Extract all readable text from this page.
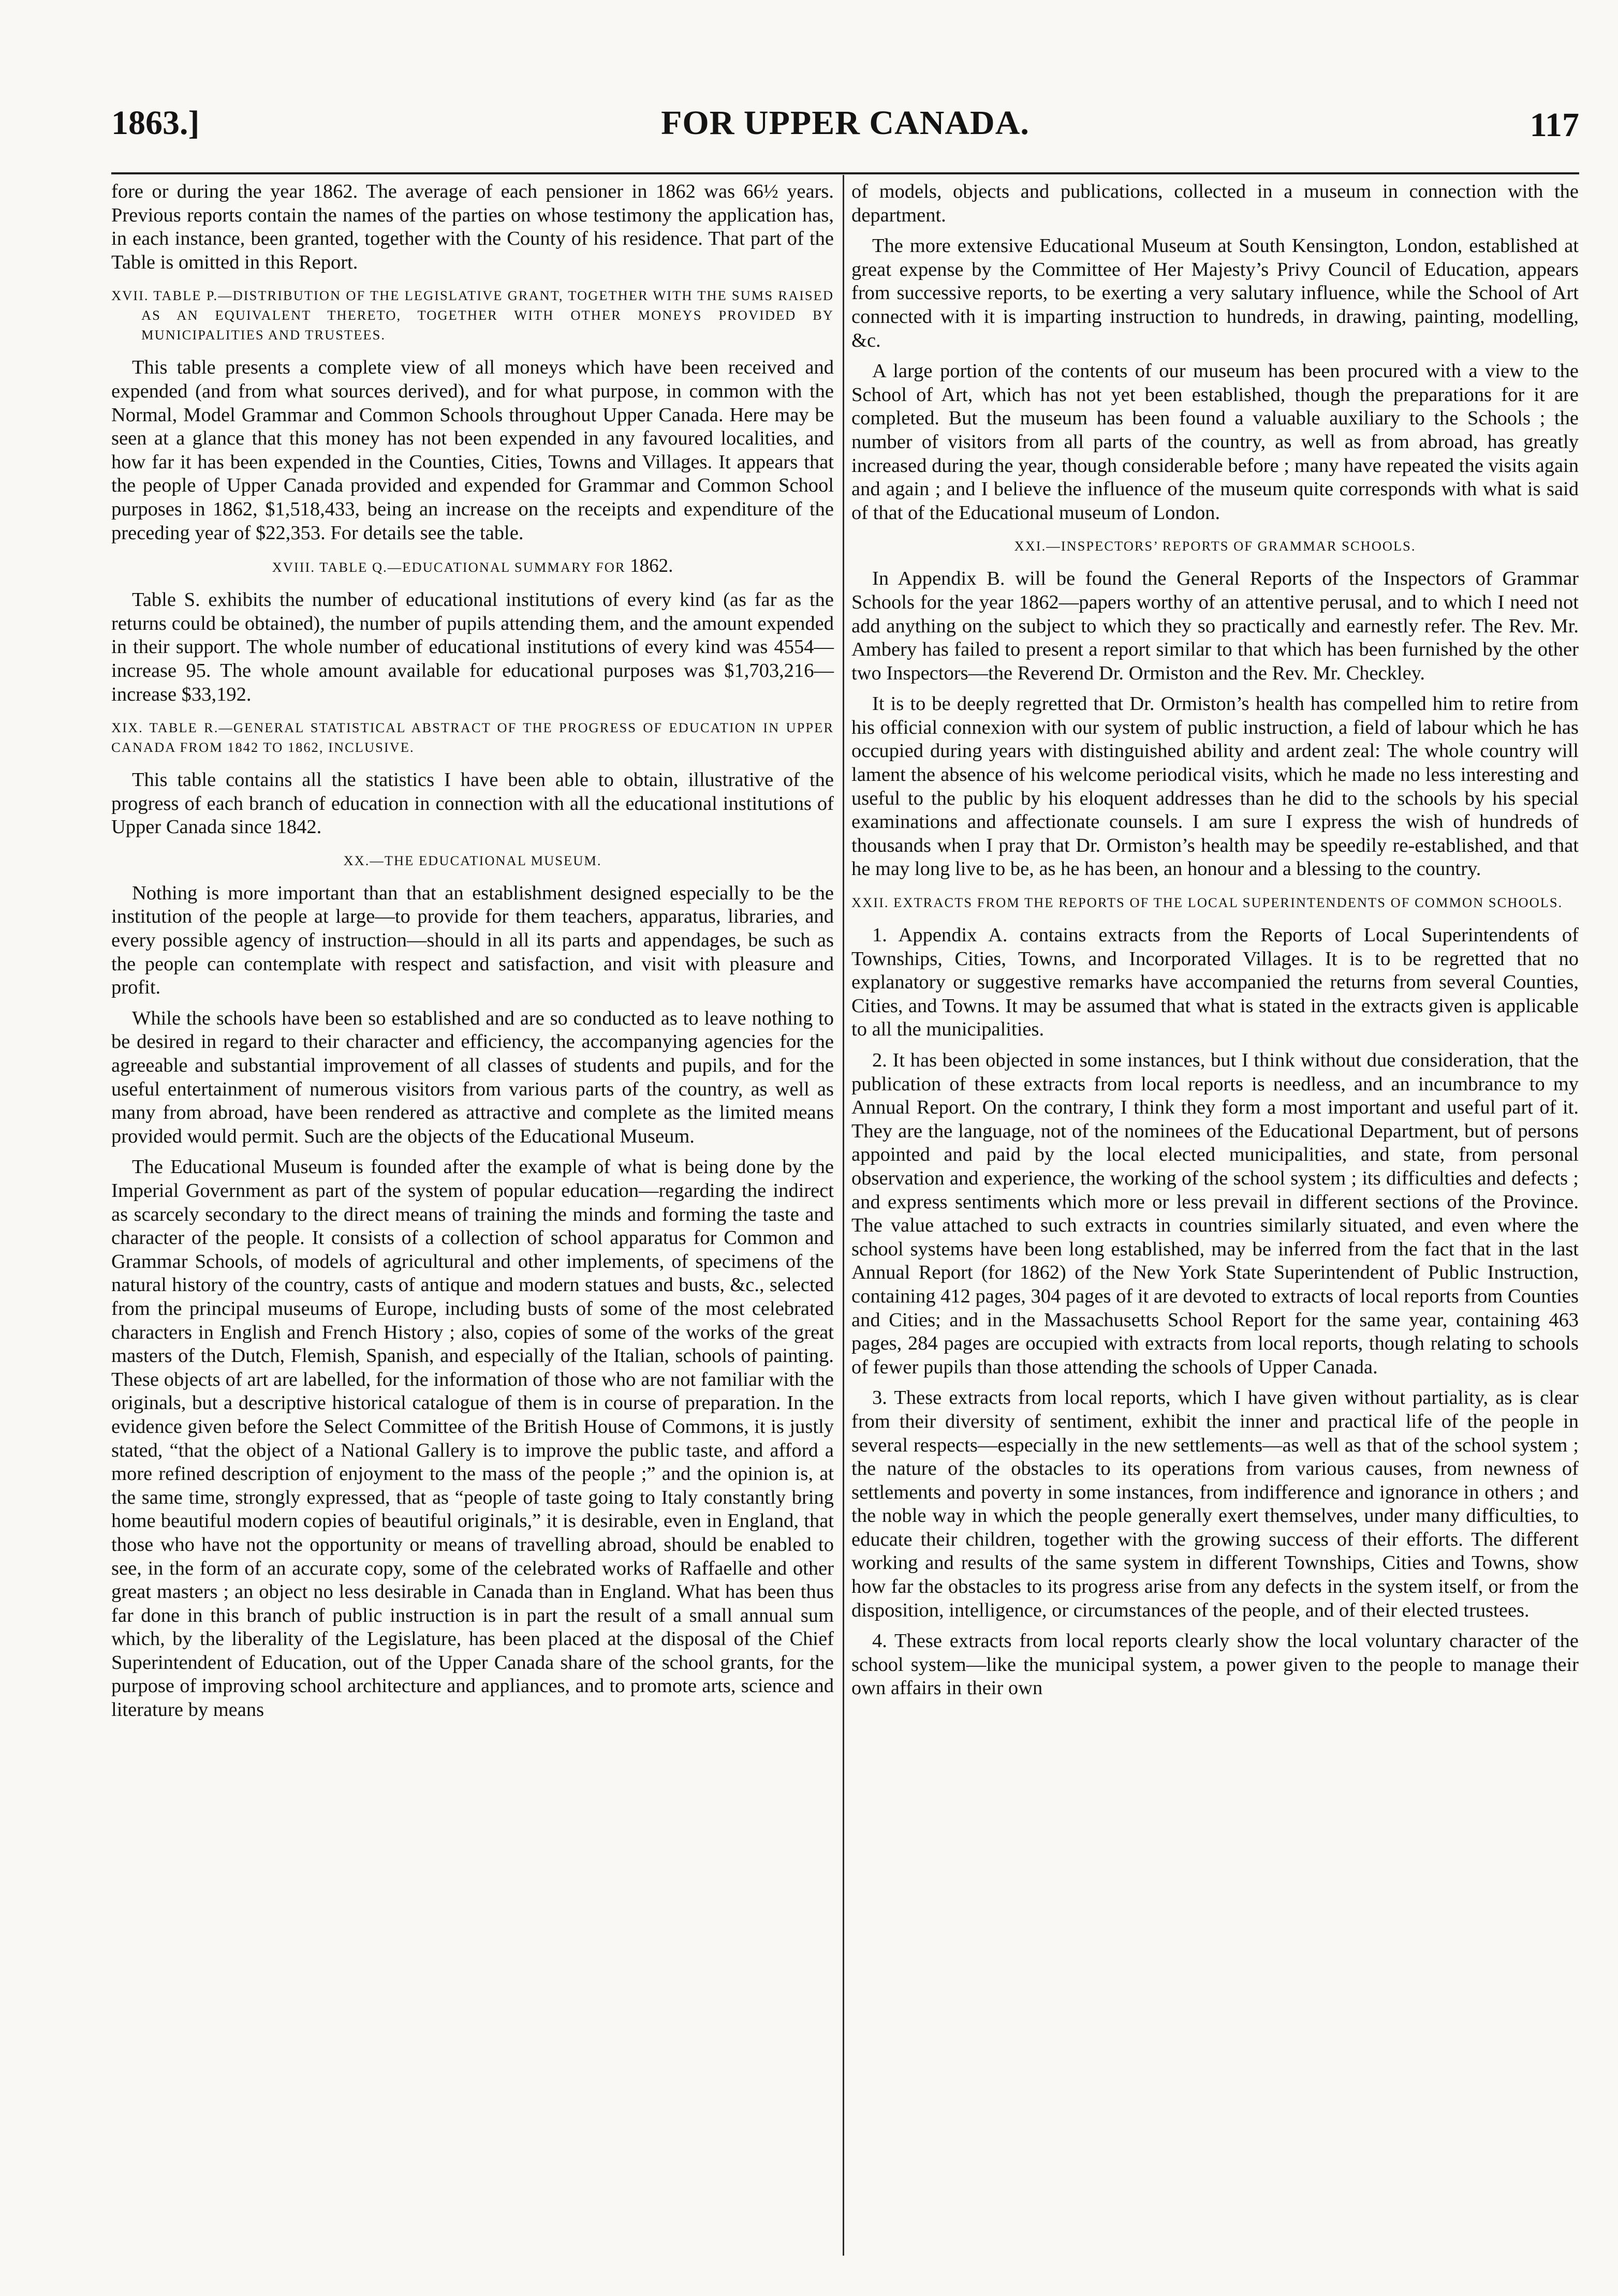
1863.]	FOR UPPER CANADA.	117

fore or during the year 1862. The average of each pensioner in 1862 was 66½ years. Previous reports contain the names of the parties on whose testimony the application has, in each instance, been granted, together with the County of his residence. That part of the Table is omitted in this Report.

XVII. TABLE P.—DISTRIBUTION OF THE LEGISLATIVE GRANT, TOGETHER WITH THE SUMS RAISED AS AN EQUIVALENT THERETO, TOGETHER WITH OTHER MONEYS PROVIDED BY MUNICIPALITIES AND TRUSTEES.

This table presents a complete view of all moneys which have been received and expended (and from what sources derived), and for what purpose, in common with the Normal, Model Grammar and Common Schools throughout Upper Canada. Here may be seen at a glance that this money has not been expended in any favoured localities, and how far it has been expended in the Counties, Cities, Towns and Villages. It appears that the people of Upper Canada provided and expended for Grammar and Common School purposes in 1862, $1,518,433, being an increase on the receipts and expenditure of the preceding year of $22,353. For details see the table.

XVIII. TABLE Q.—EDUCATIONAL SUMMARY FOR 1862.

Table S. exhibits the number of educational institutions of every kind (as far as the returns could be obtained), the number of pupils attending them, and the amount expended in their support. The whole number of educational institutions of every kind was 4554—increase 95. The whole amount available for educational purposes was $1,703,216—increase $33,192.

XIX. TABLE R.—GENERAL STATISTICAL ABSTRACT OF THE PROGRESS OF EDUCATION IN UPPER CANADA FROM 1842 TO 1862, INCLUSIVE.

This table contains all the statistics I have been able to obtain, illustrative of the progress of each branch of education in connection with all the educational institutions of Upper Canada since 1842.

XX.—THE EDUCATIONAL MUSEUM.

Nothing is more important than that an establishment designed especially to be the institution of the people at large—to provide for them teachers, apparatus, libraries, and every possible agency of instruction—should in all its parts and appendages, be such as the people can contemplate with respect and satisfaction, and visit with pleasure and profit.

While the schools have been so established and are so conducted as to leave nothing to be desired in regard to their character and efficiency, the accompanying agencies for the agreeable and substantial improvement of all classes of students and pupils, and for the useful entertainment of numerous visitors from various parts of the country, as well as many from abroad, have been rendered as attractive and complete as the limited means provided would permit. Such are the objects of the Educational Museum.

The Educational Museum is founded after the example of what is being done by the Imperial Government as part of the system of popular education—regarding the indirect as scarcely secondary to the direct means of training the minds and forming the taste and character of the people. It consists of a collection of school apparatus for Common and Grammar Schools, of models of agricultural and other implements, of specimens of the natural history of the country, casts of antique and modern statues and busts, &c., selected from the principal museums of Europe, including busts of some of the most celebrated characters in English and French History ; also, copies of some of the works of the great masters of the Dutch, Flemish, Spanish, and especially of the Italian, schools of painting. These objects of art are labelled, for the information of those who are not familiar with the originals, but a descriptive historical catalogue of them is in course of preparation. In the evidence given before the Select Committee of the British House of Commons, it is justly stated, “that the object of a National Gallery is to improve the public taste, and afford a more refined description of enjoyment to the mass of the people ;” and the opinion is, at the same time, strongly expressed, that as “people of taste going to Italy constantly bring home beautiful modern copies of beautiful originals,” it is desirable, even in England, that those who have not the opportunity or means of travelling abroad, should be enabled to see, in the form of an accurate copy, some of the celebrated works of Raffaelle and other great masters ; an object no less desirable in Canada than in England. What has been thus far done in this branch of public instruction is in part the result of a small annual sum which, by the liberality of the Legislature, has been placed at the disposal of the Chief Superintendent of Education, out of the Upper Canada share of the school grants, for the purpose of improving school architecture and appliances, and to promote arts, science and literature by means

of models, objects and publications, collected in a museum in connection with the department.

The more extensive Educational Museum at South Kensington, London, established at great expense by the Committee of Her Majesty’s Privy Council of Education, appears from successive reports, to be exerting a very salutary influence, while the School of Art connected with it is imparting instruction to hundreds, in drawing, painting, modelling, &c.

A large portion of the contents of our museum has been procured with a view to the School of Art, which has not yet been established, though the preparations for it are completed. But the museum has been found a valuable auxiliary to the Schools ; the number of visitors from all parts of the country, as well as from abroad, has greatly increased during the year, though considerable before ; many have repeated the visits again and again ; and I believe the influence of the museum quite corresponds with what is said of that of the Educational museum of London.

XXI.—INSPECTORS’ REPORTS OF GRAMMAR SCHOOLS.

In Appendix B. will be found the General Reports of the Inspectors of Grammar Schools for the year 1862—papers worthy of an attentive perusal, and to which I need not add anything on the subject to which they so practically and earnestly refer. The Rev. Mr. Ambery has failed to present a report similar to that which has been furnished by the other two Inspectors—the Reverend Dr. Ormiston and the Rev. Mr. Checkley.

It is to be deeply regretted that Dr. Ormiston’s health has compelled him to retire from his official connexion with our system of public instruction, a field of labour which he has occupied during years with distinguished ability and ardent zeal: The whole country will lament the absence of his welcome periodical visits, which he made no less interesting and useful to the public by his eloquent addresses than he did to the schools by his special examinations and affectionate counsels. I am sure I express the wish of hundreds of thousands when I pray that Dr. Ormiston’s health may be speedily re-established, and that he may long live to be, as he has been, an honour and a blessing to the country.

XXII. EXTRACTS FROM THE REPORTS OF THE LOCAL SUPERINTENDENTS OF COMMON SCHOOLS.

1. Appendix A. contains extracts from the Reports of Local Superintendents of Townships, Cities, Towns, and Incorporated Villages. It is to be regretted that no explanatory or suggestive remarks have accompanied the returns from several Counties, Cities, and Towns. It may be assumed that what is stated in the extracts given is applicable to all the municipalities.

2. It has been objected in some instances, but I think without due consideration, that the publication of these extracts from local reports is needless, and an incumbrance to my Annual Report. On the contrary, I think they form a most important and useful part of it. They are the language, not of the nominees of the Educational Department, but of persons appointed and paid by the local elected municipalities, and state, from personal observation and experience, the working of the school system ; its difficulties and defects ; and express sentiments which more or less prevail in different sections of the Province. The value attached to such extracts in countries similarly situated, and even where the school systems have been long established, may be inferred from the fact that in the last Annual Report (for 1862) of the New York State Superintendent of Public Instruction, containing 412 pages, 304 pages of it are devoted to extracts of local reports from Counties and Cities; and in the Massachusetts School Report for the same year, containing 463 pages, 284 pages are occupied with extracts from local reports, though relating to schools of fewer pupils than those attending the schools of Upper Canada.

3. These extracts from local reports, which I have given without partiality, as is clear from their diversity of sentiment, exhibit the inner and practical life of the people in several respects—especially in the new settlements—as well as that of the school system ; the nature of the obstacles to its operations from various causes, from newness of settlements and poverty in some instances, from indifference and ignorance in others ; and the noble way in which the people generally exert themselves, under many difficulties, to educate their children, together with the growing success of their efforts. The different working and results of the same system in different Townships, Cities and Towns, show how far the obstacles to its progress arise from any defects in the system itself, or from the disposition, intelligence, or circumstances of the people, and of their elected trustees.

4. These extracts from local reports clearly show the local voluntary character of the school system—like the municipal system, a power given to the people to manage their own affairs in their own
